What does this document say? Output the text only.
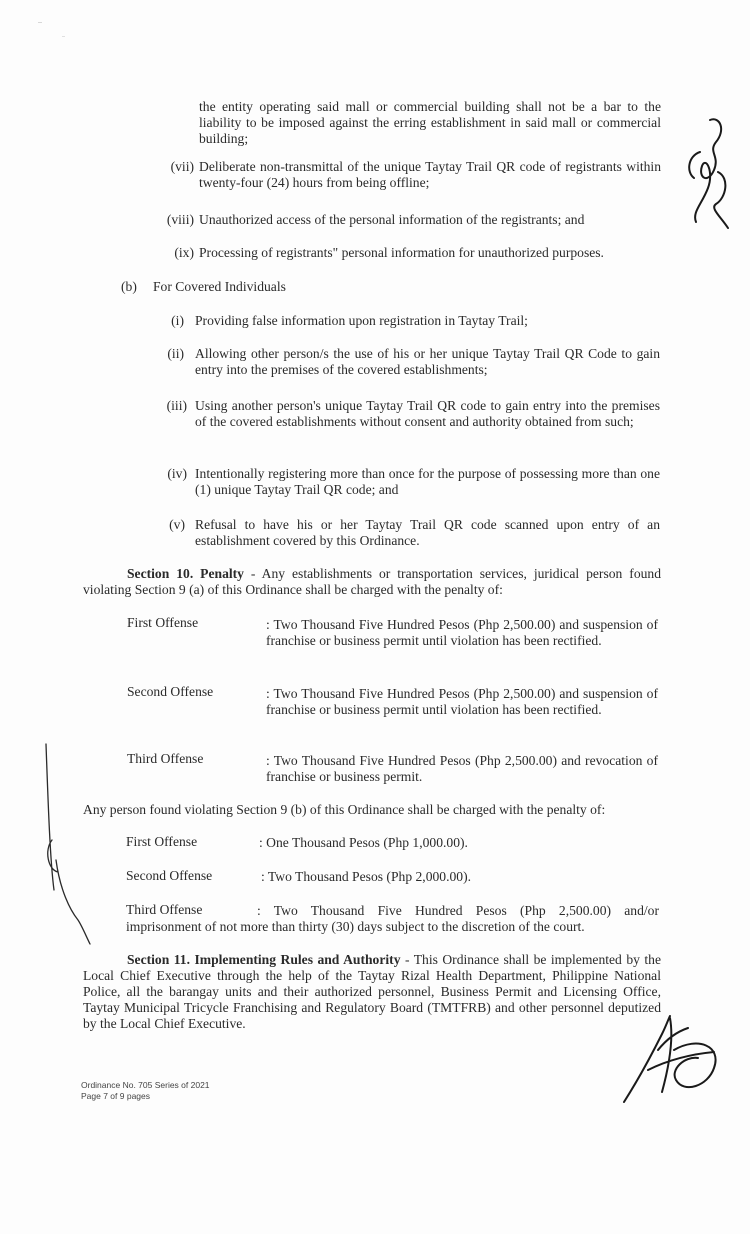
the entity operating said mall or commercial building shall not be a bar to the liability to be imposed against the erring establishment in said mall or commercial building;
(vii) Deliberate non-transmittal of the unique Taytay Trail QR code of registrants within twenty-four (24) hours from being offline;
(viii) Unauthorized access of the personal information of the registrants; and
(ix) Processing of registrants" personal information for unauthorized purposes.
(b)	For Covered Individuals
(i) Providing false information upon registration in Taytay Trail;
(ii) Allowing other person/s the use of his or her unique Taytay Trail QR Code to gain entry into the premises of the covered establishments;
(iii) Using another person's unique Taytay Trail QR code to gain entry into the premises of the covered establishments without consent and authority obtained from such;
(iv) Intentionally registering more than once for the purpose of possessing more than one (1) unique Taytay Trail QR code; and
(v) Refusal to have his or her Taytay Trail QR code scanned upon entry of an establishment covered by this Ordinance.
Section 10. Penalty - Any establishments or transportation services, juridical person found violating Section 9 (a) of this Ordinance shall be charged with the penalty of:
First Offense	: Two Thousand Five Hundred Pesos (Php 2,500.00) and suspension of franchise or business permit until violation has been rectified.
Second Offense	: Two Thousand Five Hundred Pesos (Php 2,500.00) and suspension of franchise or business permit until violation has been rectified.
Third Offense	: Two Thousand Five Hundred Pesos (Php 2,500.00) and revocation of franchise or business permit.
Any person found violating Section 9 (b) of this Ordinance shall be charged with the penalty of:
First Offense	: One Thousand Pesos (Php 1,000.00).
Second Offense	: Two Thousand Pesos (Php 2,000.00).
Third Offense	: Two Thousand Five Hundred Pesos (Php 2,500.00) and/or imprisonment of not more than thirty (30) days subject to the discretion of the court.
Section 11. Implementing Rules and Authority - This Ordinance shall be implemented by the Local Chief Executive through the help of the Taytay Rizal Health Department, Philippine National Police, all the barangay units and their authorized personnel, Business Permit and Licensing Office, Taytay Municipal Tricycle Franchising and Regulatory Board (TMTFRB) and other personnel deputized by the Local Chief Executive.
Ordinance No. 705 Series of 2021
Page 7 of 9 pages
